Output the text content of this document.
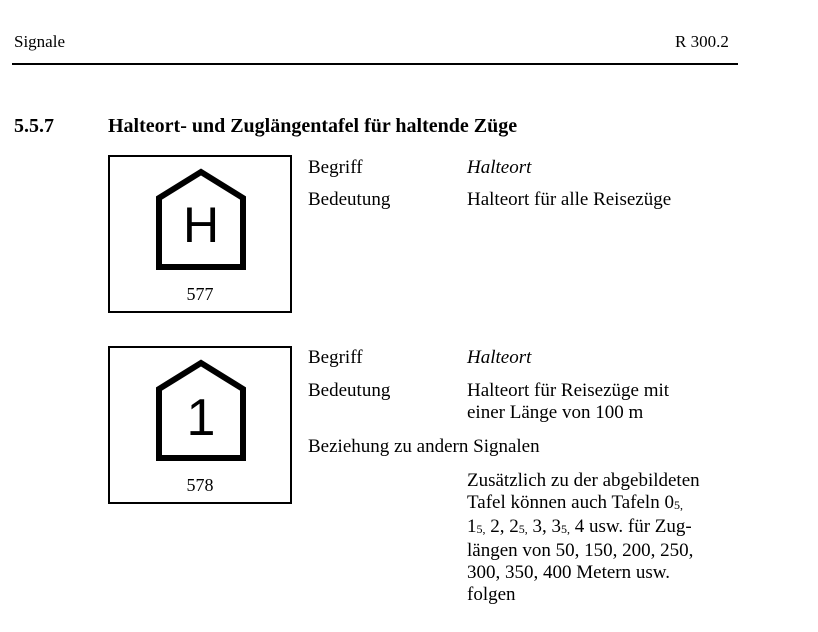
Signale	R 300.2
5.5.7	Halteort- und Zuglängentafel für haltende Züge
H
577
Begriff	Halteort
Bedeutung	Halteort für alle Reisezüge
1
578
Begriff	Halteort
Bedeutung	Halteort für Reisezüge mit
einer Länge von 100 m
Beziehung zu andern Signalen
Zusätzlich zu der abgebildeten
Tafel können auch Tafeln $0_{5,}$
$1_{5,}$ 2, $2_{5,}$ 3, $3_{5,}$ 4 usw. für Zug-
längen von 50, 150, 200, 250,
300, 350, 400 Metern usw.
folgen
